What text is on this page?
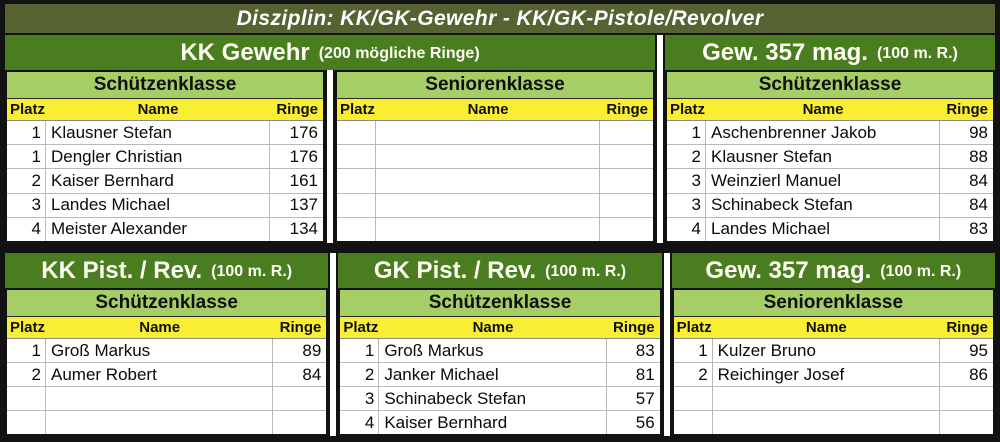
Disziplin: KK/GK-Gewehr - KK/GK-Pistole/Revolver
KK Gewehr (200 mögliche Ringe)
Schützenklasse
Platz	Name	Ringe
1 Klausner Stefan	176
1 Dengler Christian	176
2 Kaiser Bernhard	161
3 Landes Michael	137
4 Meister Alexander	134
Seniorenklasse
Platz	Name	Ringe
Gew. 357 mag. (100 m. R.)
Schützenklasse
Platz	Name	Ringe
1 Aschenbrenner Jakob	98
2 Klausner Stefan	88
3 Weinzierl Manuel	84
3 Schinabeck Stefan	84
4 Landes Michael	83
KK Pist. / Rev. (100 m. R.)
Schützenklasse
Platz	Name	Ringe
1 Groß Markus	89
2 Aumer Robert	84
GK Pist. / Rev. (100 m. R.)
Schützenklasse
Platz	Name	Ringe
1 Groß Markus	83
2 Janker Michael	81
3 Schinabeck Stefan	57
4 Kaiser Bernhard	56
Gew. 357 mag. (100 m. R.)
Seniorenklasse
Platz	Name	Ringe
1 Kulzer Bruno	95
2 Reichinger Josef	86
